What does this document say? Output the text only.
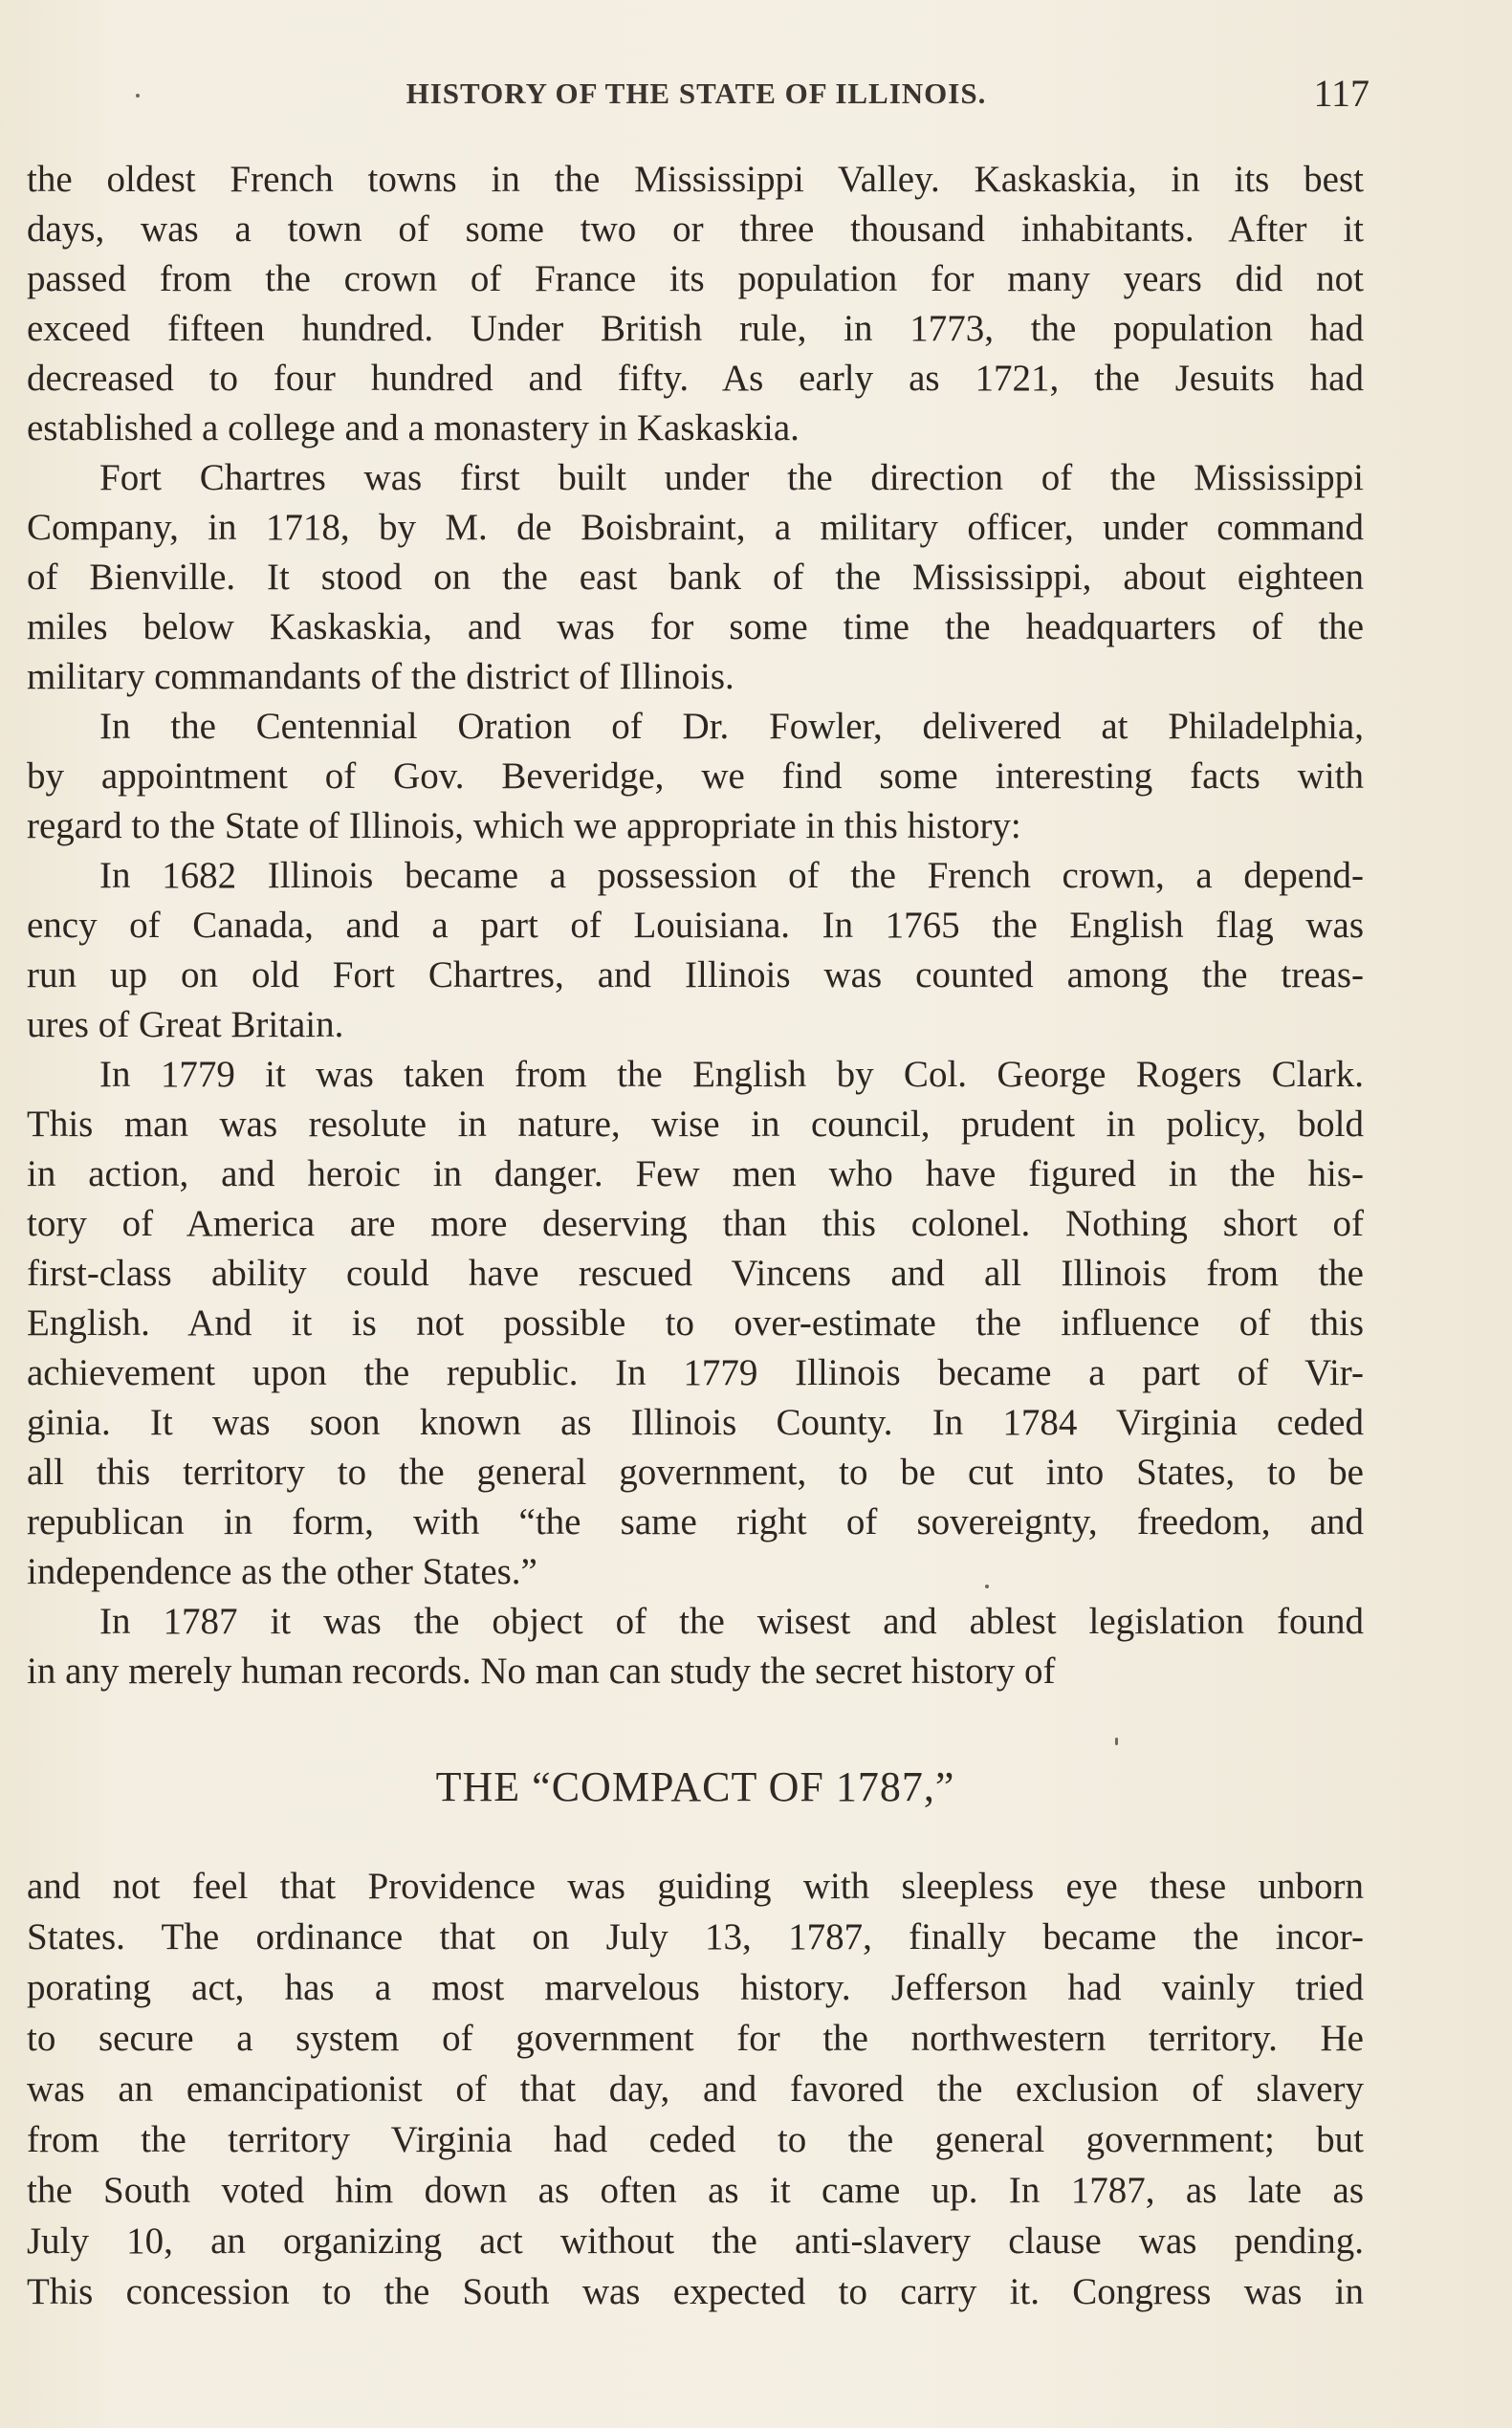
HISTORY OF THE STATE OF ILLINOIS.	117
the oldest French towns in the Mississippi Valley. Kaskaskia, in its best
days, was a town of some two or three thousand inhabitants. After it
passed from the crown of France its population for many years did not
exceed fifteen hundred. Under British rule, in 1773, the population had
decreased to four hundred and fifty. As early as 1721, the Jesuits had
established a college and a monastery in Kaskaskia.
Fort Chartres was first built under the direction of the Mississippi
Company, in 1718, by M. de Boisbraint, a military officer, under command
of Bienville. It stood on the east bank of the Mississippi, about eighteen
miles below Kaskaskia, and was for some time the headquarters of the
military commandants of the district of Illinois.
In the Centennial Oration of Dr. Fowler, delivered at Philadelphia,
by appointment of Gov. Beveridge, we find some interesting facts with
regard to the State of Illinois, which we appropriate in this history:
In 1682 Illinois became a possession of the French crown, a depend-
ency of Canada, and a part of Louisiana. In 1765 the English flag was
run up on old Fort Chartres, and Illinois was counted among the treas-
ures of Great Britain.
In 1779 it was taken from the English by Col. George Rogers Clark.
This man was resolute in nature, wise in council, prudent in policy, bold
in action, and heroic in danger. Few men who have figured in the his-
tory of America are more deserving than this colonel. Nothing short of
first-class ability could have rescued Vincens and all Illinois from the
English. And it is not possible to over-estimate the influence of this
achievement upon the republic. In 1779 Illinois became a part of Vir-
ginia. It was soon known as Illinois County. In 1784 Virginia ceded
all this territory to the general government, to be cut into States, to be
republican in form, with “the same right of sovereignty, freedom, and
independence as the other States.”
In 1787 it was the object of the wisest and ablest legislation found
in any merely human records. No man can study the secret history of
THE “COMPACT OF 1787,”
and not feel that Providence was guiding with sleepless eye these unborn
States. The ordinance that on July 13, 1787, finally became the incor-
porating act, has a most marvelous history. Jefferson had vainly tried
to secure a system of government for the northwestern territory. He
was an emancipationist of that day, and favored the exclusion of slavery
from the territory Virginia had ceded to the general government; but
the South voted him down as often as it came up. In 1787, as late as
July 10, an organizing act without the anti-slavery clause was pending.
This concession to the South was expected to carry it. Congress was in
